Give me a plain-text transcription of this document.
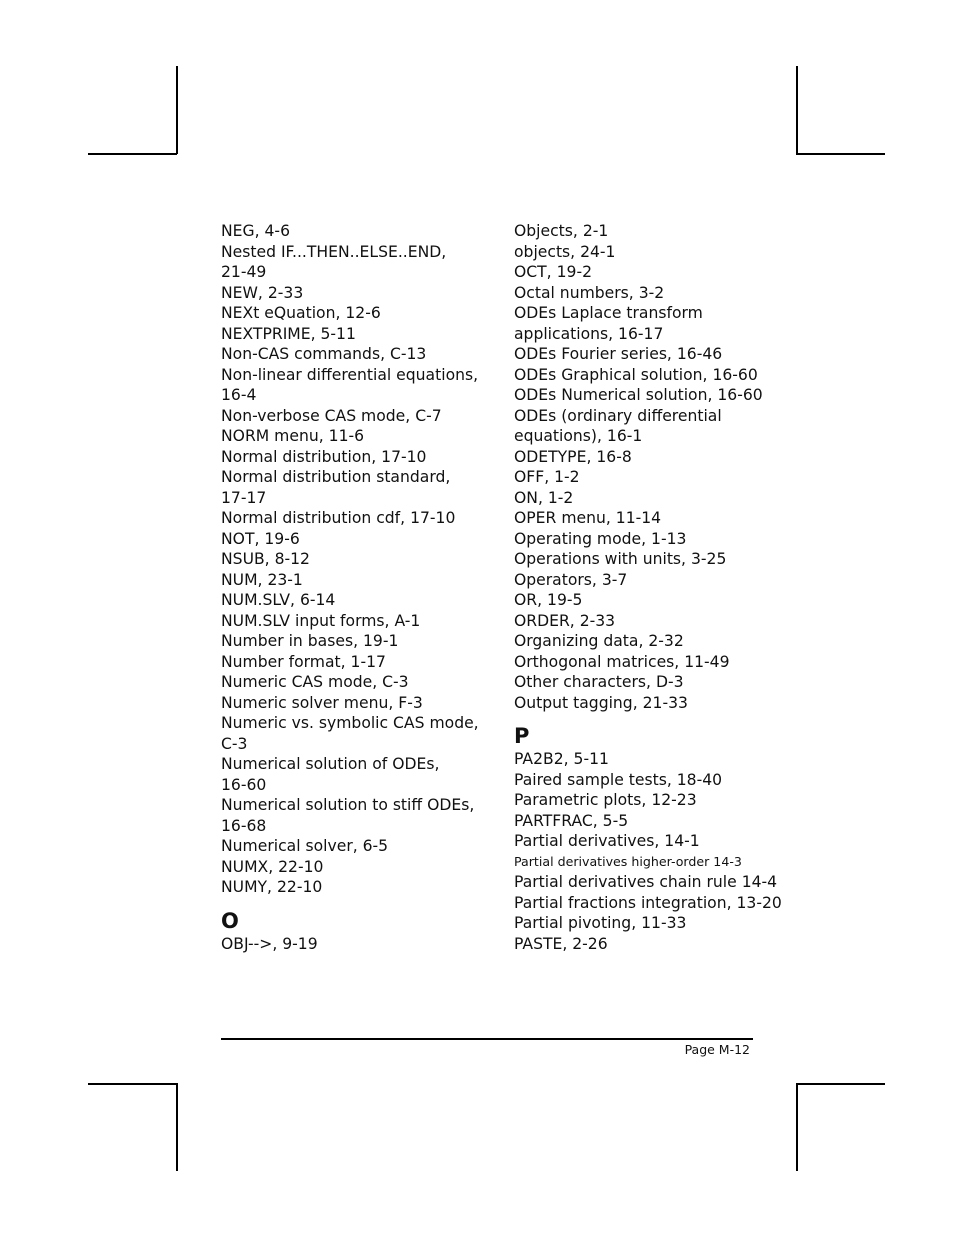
NEG, 4-6
Nested IF...THEN..ELSE..END,
21-49
NEW, 2-33
NEXt eQuation, 12-6
NEXTPRIME, 5-11
Non-CAS commands, C-13
Non-linear differential equations,
16-4
Non-verbose CAS mode, C-7
NORM menu, 11-6
Normal distribution, 17-10
Normal distribution standard,
17-17
Normal distribution cdf, 17-10
NOT, 19-6
NSUB, 8-12
NUM, 23-1
NUM.SLV, 6-14
NUM.SLV input forms, A-1
Number in bases, 19-1
Number format, 1-17
Numeric CAS mode, C-3
Numeric solver menu, F-3
Numeric vs. symbolic CAS mode,
C-3
Numerical solution of ODEs,
16-60
Numerical solution to stiff ODEs,
16-68
Numerical solver, 6-5
NUMX, 22-10
NUMY, 22-10
O
OBJ-->, 9-19
Objects, 2-1
objects, 24-1
OCT, 19-2
Octal numbers, 3-2
ODEs Laplace transform
applications, 16-17
ODEs Fourier series, 16-46
ODEs Graphical solution, 16-60
ODEs Numerical solution, 16-60
ODEs (ordinary differential
equations), 16-1
ODETYPE, 16-8
OFF, 1-2
ON, 1-2
OPER menu, 11-14
Operating mode, 1-13
Operations with units, 3-25
Operators, 3-7
OR, 19-5
ORDER, 2-33
Organizing data, 2-32
Orthogonal matrices, 11-49
Other characters, D-3
Output tagging, 21-33
P
PA2B2, 5-11
Paired sample tests, 18-40
Parametric plots, 12-23
PARTFRAC, 5-5
Partial derivatives, 14-1
Partial derivatives higher-order 14-3
Partial derivatives chain rule 14-4
Partial fractions integration, 13-20
Partial pivoting, 11-33
PASTE, 2-26
Page M-12
